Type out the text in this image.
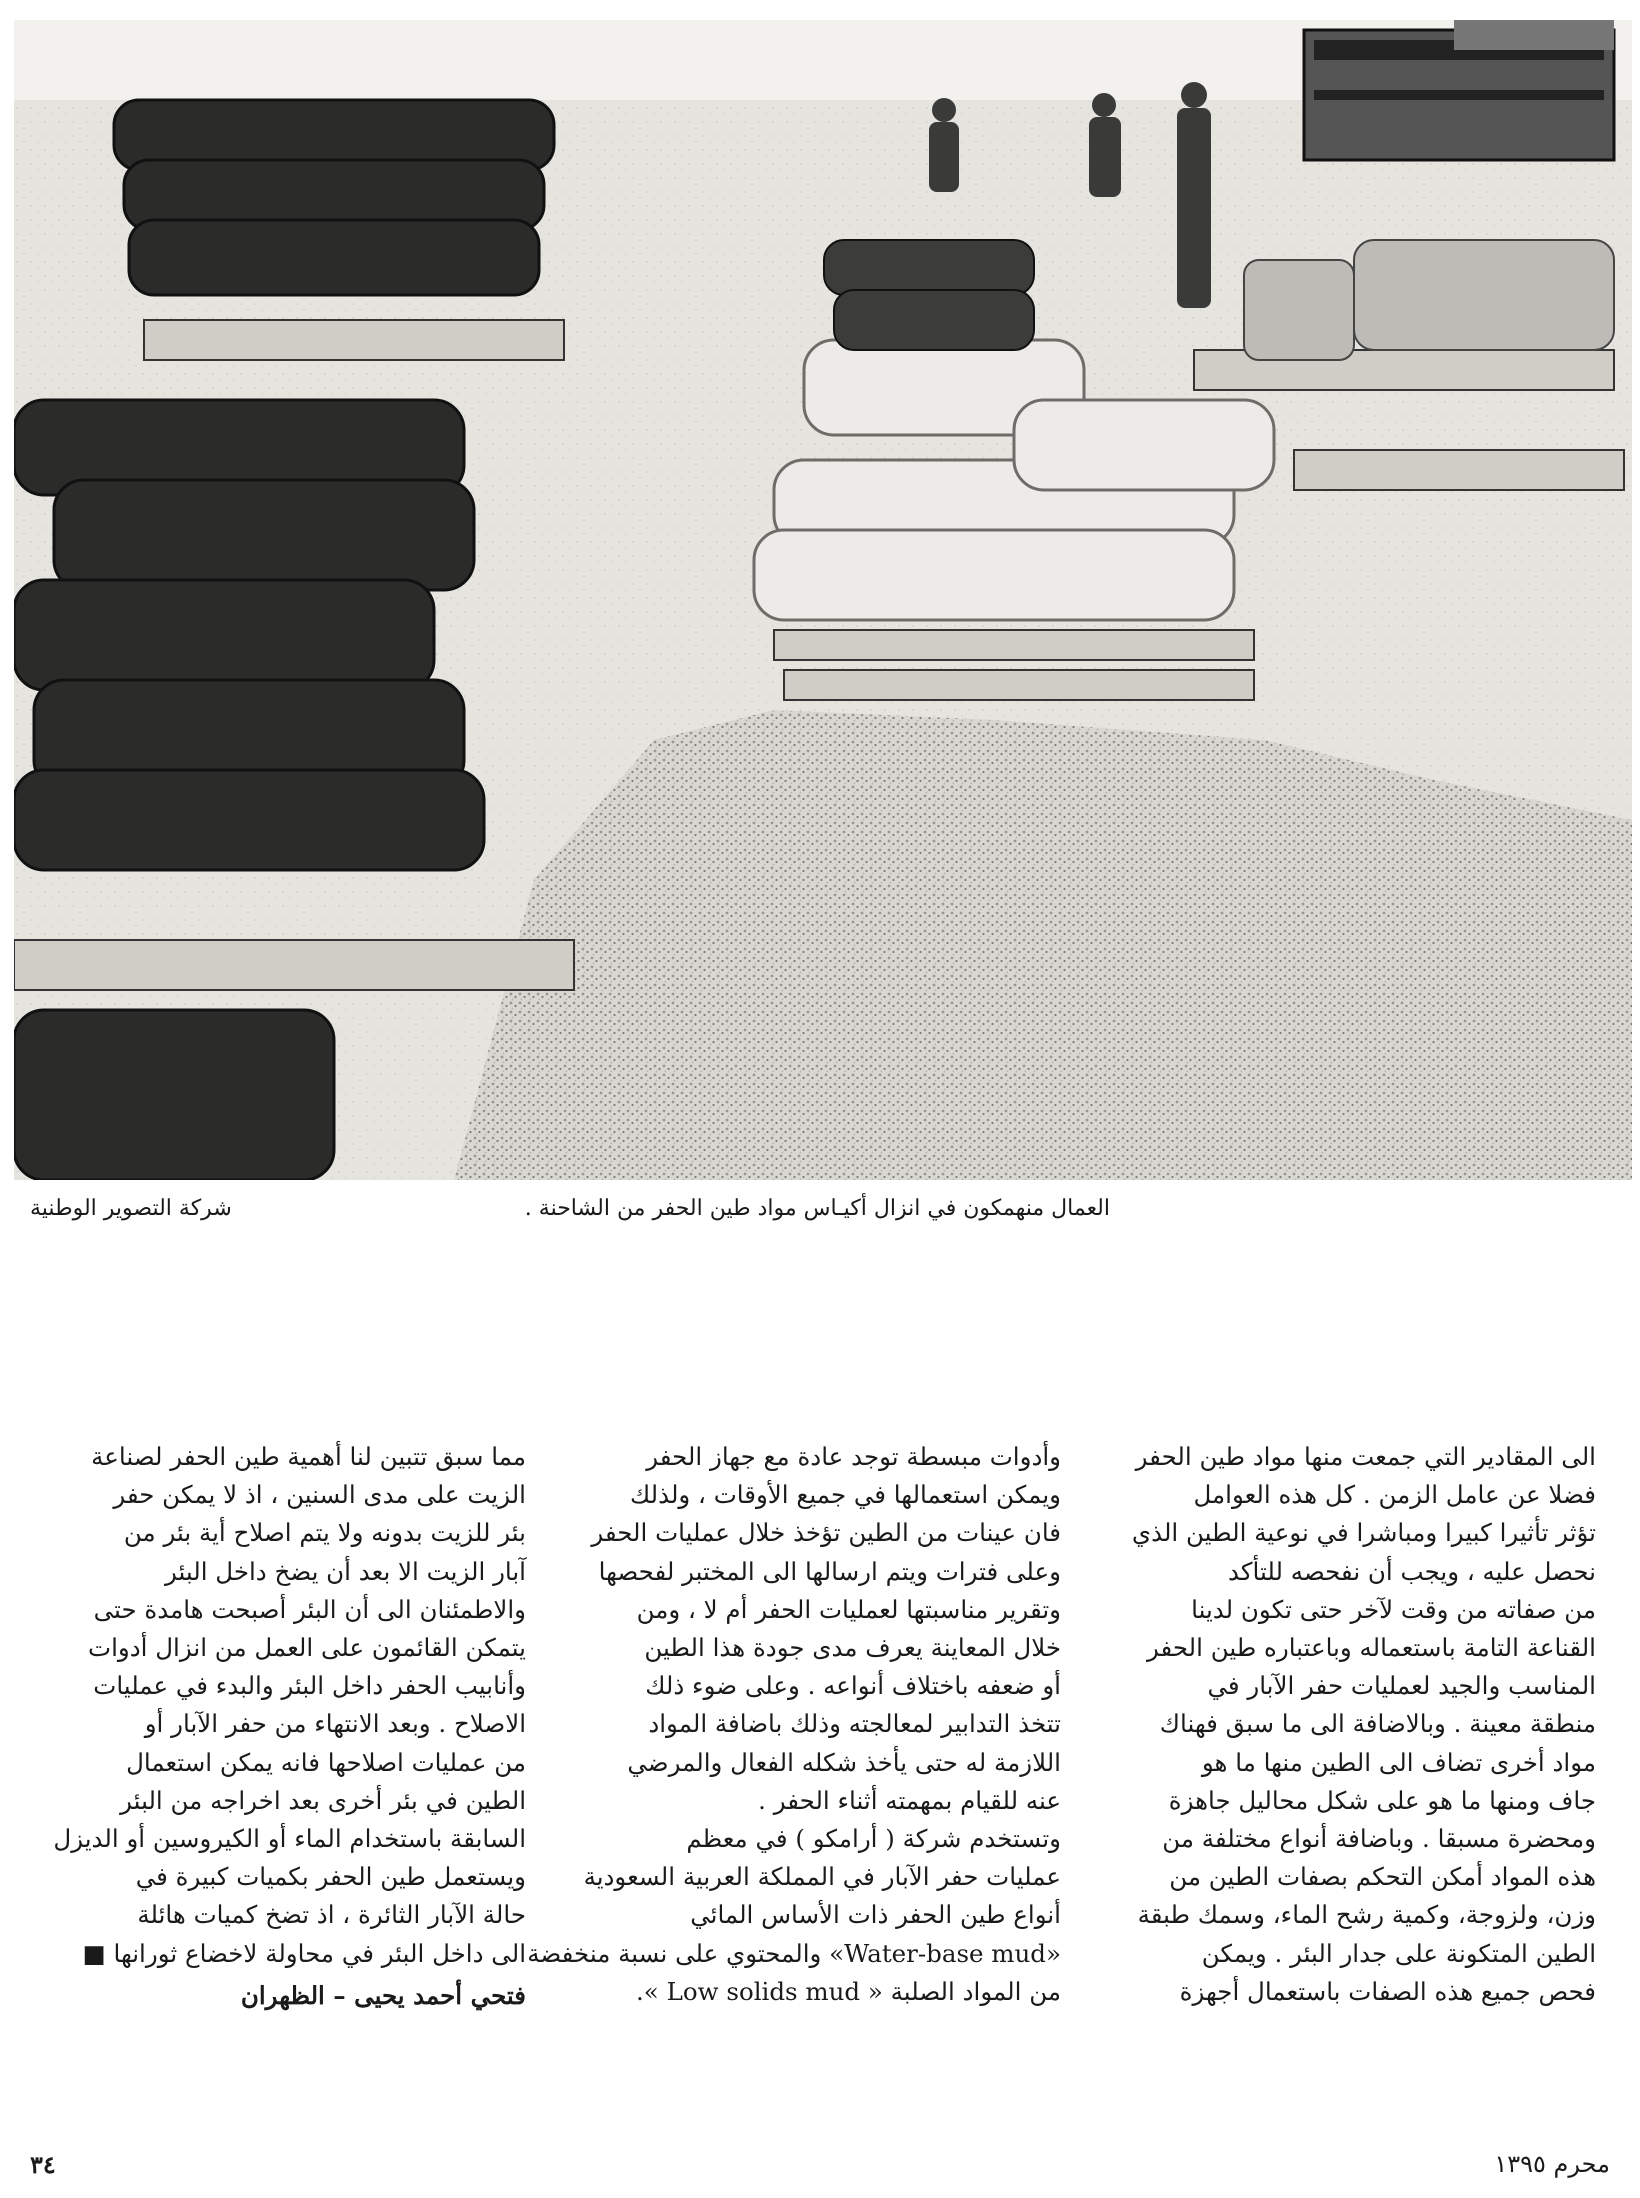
العمال منهمكون في انزال أكيـاس مواد طين الحفر من الشاحنة .
شركة التصوير الوطنية

الى المقادير التي جمعت منها مواد طين الحفر
فضلا عن عامل الزمن . كل هذه العوامل
تؤثر تأثيرا كبيرا ومباشرا في نوعية الطين الذي
نحصل عليه ، ويجب أن نفحصه للتأكد
من صفاته من وقت لآخر حتى تكون لدينا
القناعة التامة باستعماله وباعتباره طين الحفر
المناسب والجيد لعمليات حفر الآبار في
منطقة معينة . وبالاضافة الى ما سبق فهناك
مواد أخرى تضاف الى الطين منها ما هو
جاف ومنها ما هو على شكل محاليل جاهزة
ومحضرة مسبقا . وباضافة أنواع مختلفة من
هذه المواد أمكن التحكم بصفات الطين من
وزن، ولزوجة، وكمية رشح الماء، وسمك طبقة
الطين المتكونة على جدار البئر . ويمكن
فحص جميع هذه الصفات باستعمال أجهزة

وأدوات مبسطة توجد عادة مع جهاز الحفر
ويمكن استعمالها في جميع الأوقات ، ولذلك
فان عينات من الطين تؤخذ خلال عمليات الحفر
وعلى فترات ويتم ارسالها الى المختبر لفحصها
وتقرير مناسبتها لعمليات الحفر أم لا ، ومن
خلال المعاينة يعرف مدى جودة هذا الطين
أو ضعفه باختلاف أنواعه . وعلى ضوء ذلك
تتخذ التدابير لمعالجته وذلك باضافة المواد
اللازمة له حتى يأخذ شكله الفعال والمرضي
عنه للقيام بمهمته أثناء الحفر .
وتستخدم شركة ( أرامكو ) في معظم
عمليات حفر الآبار في المملكة العربية السعودية
أنواع طين الحفر ذات الأساس المائي
«Water-base mud» والمحتوي على نسبة منخفضة
من المواد الصلبة « Low solids mud ».

مما سبق تتبين لنا أهمية طين الحفر لصناعة
الزيت على مدى السنين ، اذ لا يمكن حفر
بئر للزيت بدونه ولا يتم اصلاح أية بئر من
آبار الزيت الا بعد أن يضخ داخل البئر
والاطمئنان الى أن البئر أصبحت هامدة حتى
يتمكن القائمون على العمل من انزال أدوات
وأنابيب الحفر داخل البئر والبدء في عمليات
الاصلاح . وبعد الانتهاء من حفر الآبار أو
من عمليات اصلاحها فانه يمكن استعمال
الطين في بئر أخرى بعد اخراجه من البئر
السابقة باستخدام الماء أو الكيروسين أو الديزل
ويستعمل طين الحفر بكميات كبيرة في
حالة الآبار الثائرة ، اذ تضخ كميات هائلة
الى داخل البئر في محاولة لاخضاع ثورانها ■

فتحي أحمد يحيى – الظهران
محرم ١٣٩٥
٣٤
